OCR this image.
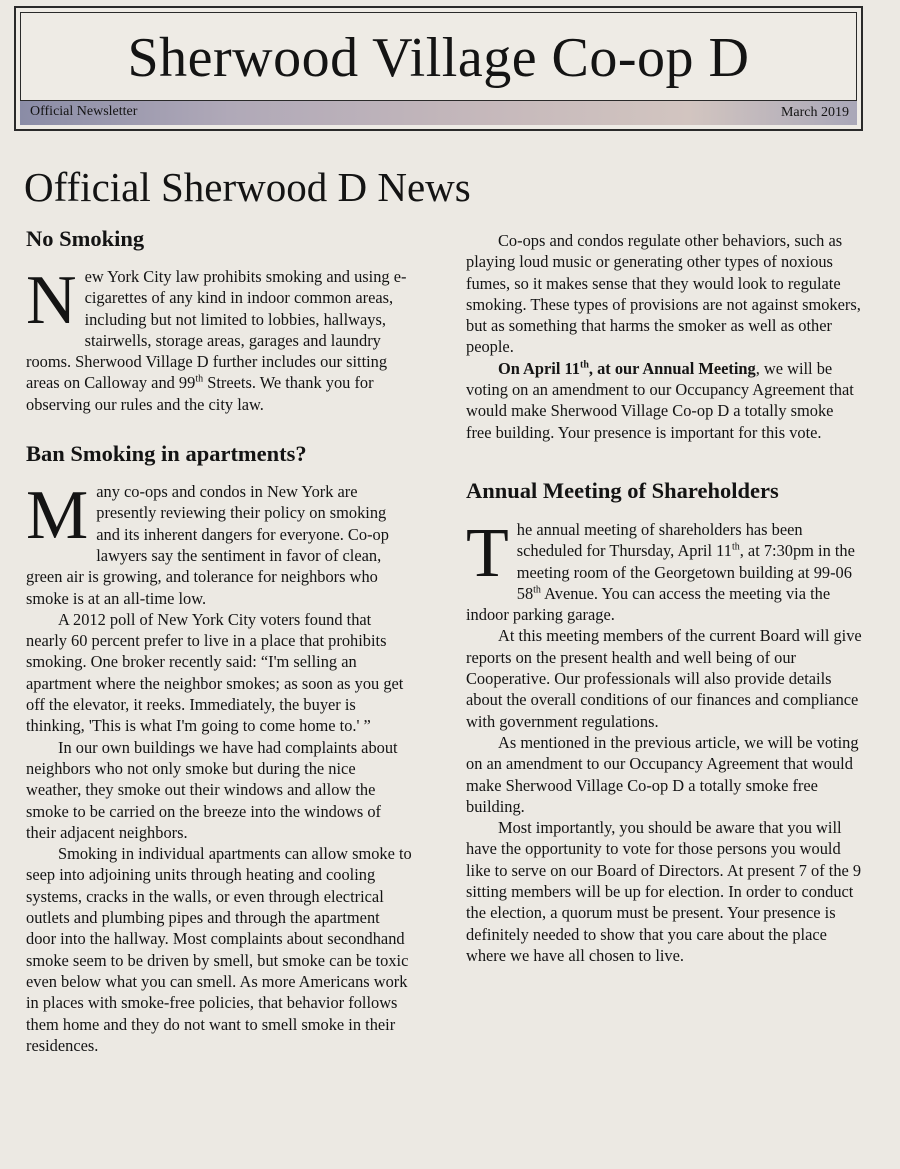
Sherwood Village Co-op D
Official Newsletter	March 2019
Official Sherwood D News
No Smoking

New York City law prohibits smoking and using e-cigarettes of any kind in indoor common areas, including but not limited to lobbies, hallways, stairwells, storage areas, garages and laundry rooms. Sherwood Village D further includes our sitting areas on Calloway and 99th Streets. We thank you for observing our rules and the city law.

Ban Smoking in apartments?

Many co-ops and condos in New York are presently reviewing their policy on smoking and its inherent dangers for everyone. Co-op lawyers say the sentiment in favor of clean, green air is growing, and tolerance for neighbors who smoke is at an all-time low.

A 2012 poll of New York City voters found that nearly 60 percent prefer to live in a place that prohibits smoking. One broker recently said: “I'm selling an apartment where the neighbor smokes; as soon as you get off the elevator, it reeks. Immediately, the buyer is thinking, 'This is what I'm going to come home to.' ”

In our own buildings we have had complaints about neighbors who not only smoke but during the nice weather, they smoke out their windows and allow the smoke to be carried on the breeze into the windows of their adjacent neighbors.

Smoking in individual apartments can allow smoke to seep into adjoining units through heating and cooling systems, cracks in the walls, or even through electrical outlets and plumbing pipes and through the apartment door into the hallway. Most complaints about secondhand smoke seem to be driven by smell, but smoke can be toxic even below what you can smell. As more Americans work in places with smoke-free policies, that behavior follows them home and they do not want to smell smoke in their residences.

Co-ops and condos regulate other behaviors, such as playing loud music or generating other types of noxious fumes, so it makes sense that they would look to regulate smoking. These types of provisions are not against smokers, but as something that harms the smoker as well as other people.

On April 11th, at our Annual Meeting, we will be voting on an amendment to our Occupancy Agreement that would make Sherwood Village Co-op D a totally smoke free building. Your presence is important for this vote.

Annual Meeting of Shareholders

The annual meeting of shareholders has been scheduled for Thursday, April 11th, at 7:30pm in the meeting room of the Georgetown building at 99-06 58th Avenue. You can access the meeting via the indoor parking garage.

At this meeting members of the current Board will give reports on the present health and well being of our Cooperative. Our professionals will also provide details about the overall conditions of our finances and compliance with government regulations.

As mentioned in the previous article, we will be voting on an amendment to our Occupancy Agreement that would make Sherwood Village Co-op D a totally smoke free building.

Most importantly, you should be aware that you will have the opportunity to vote for those persons you would like to serve on our Board of Directors. At present 7 of the 9 sitting members will be up for election. In order to conduct the election, a quorum must be present. Your presence is definitely needed to show that you care about the place where we have all chosen to live.
